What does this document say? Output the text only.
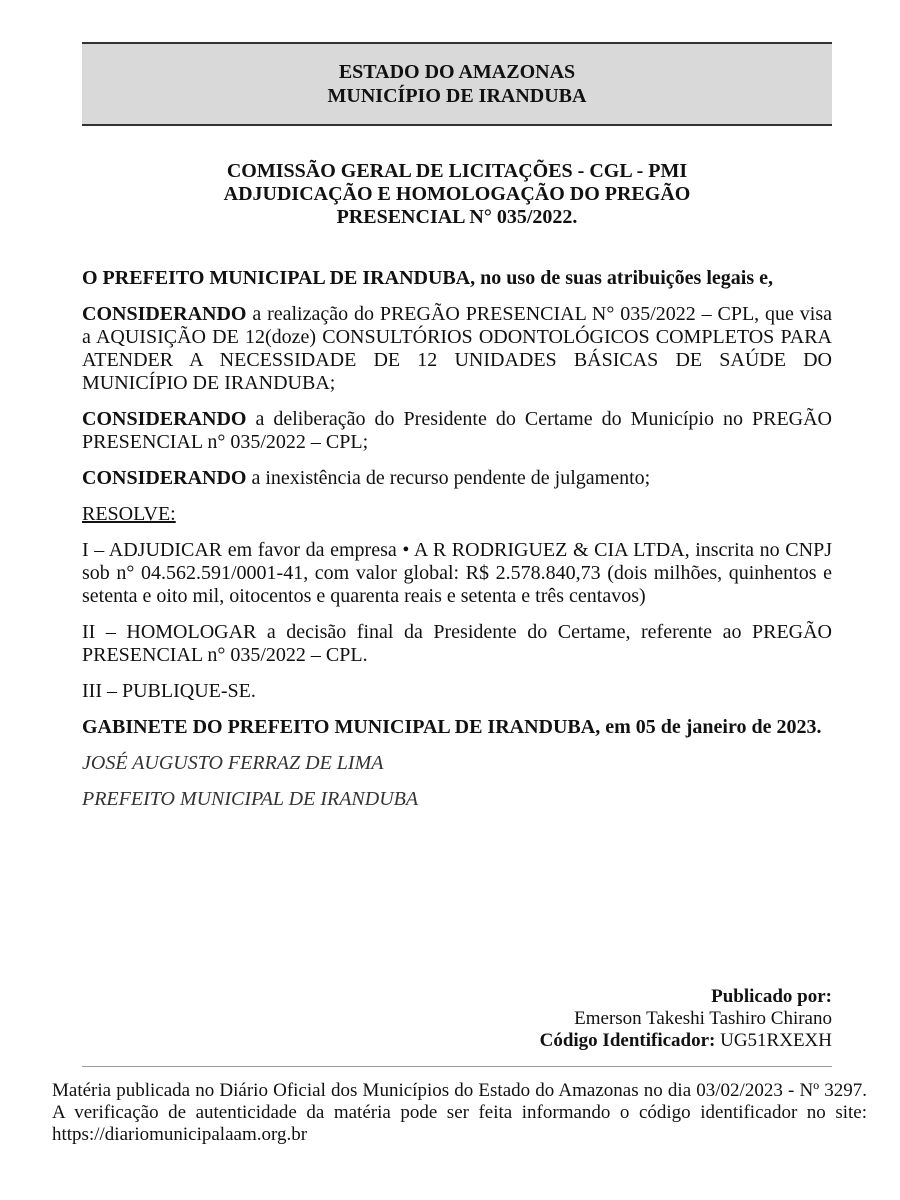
ESTADO DO AMAZONAS
MUNICÍPIO DE IRANDUBA
COMISSÃO GERAL DE LICITAÇÕES - CGL - PMI
ADJUDICAÇÃO E HOMOLOGAÇÃO DO PREGÃO
PRESENCIAL N° 035/2022.

O PREFEITO MUNICIPAL DE IRANDUBA, no uso de suas atribuições legais e,

CONSIDERANDO a realização do PREGÃO PRESENCIAL N° 035/2022 – CPL, que visa a AQUISIÇÃO DE 12(doze) CONSULTÓRIOS ODONTOLÓGICOS COMPLETOS PARA ATENDER A NECESSIDADE DE 12 UNIDADES BÁSICAS DE SAÚDE DO MUNICÍPIO DE IRANDUBA;

CONSIDERANDO a deliberação do Presidente do Certame do Município no PREGÃO PRESENCIAL n° 035/2022 – CPL;

CONSIDERANDO a inexistência de recurso pendente de julgamento;

RESOLVE:

I – ADJUDICAR em favor da empresa • A R RODRIGUEZ & CIA LTDA, inscrita no CNPJ sob n° 04.562.591/0001-41, com valor global: R$ 2.578.840,73 (dois milhões, quinhentos e setenta e oito mil, oitocentos e quarenta reais e setenta e três centavos)

II – HOMOLOGAR a decisão final da Presidente do Certame, referente ao PREGÃO PRESENCIAL n° 035/2022 – CPL.

III – PUBLIQUE-SE.

GABINETE DO PREFEITO MUNICIPAL DE IRANDUBA, em 05 de janeiro de 2023.

JOSÉ AUGUSTO FERRAZ DE LIMA

PREFEITO MUNICIPAL DE IRANDUBA

Publicado por:
Emerson Takeshi Tashiro Chirano
Código Identificador: UG51RXEXH
Matéria publicada no Diário Oficial dos Municípios do Estado do Amazonas no dia 03/02/2023 - Nº 3297. A verificação de autenticidade da matéria pode ser feita informando o código identificador no site: https://diariomunicipalaam.org.br
